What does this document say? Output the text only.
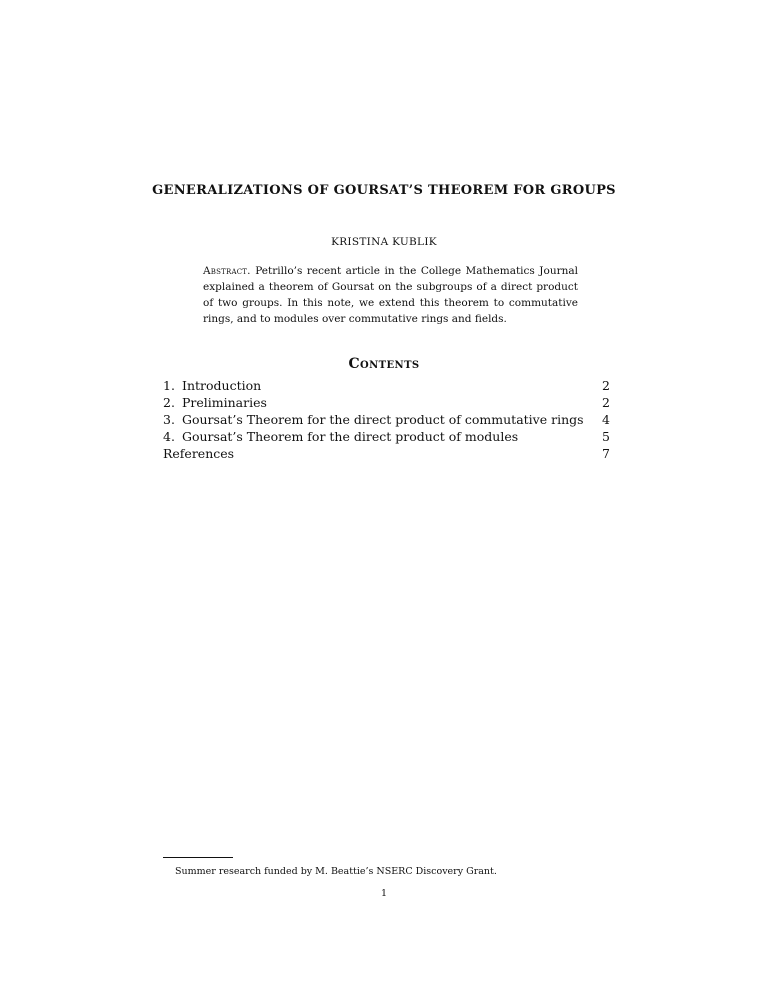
GENERALIZATIONS OF GOURSAT’S THEOREM FOR GROUPS

KRISTINA KUBLIK

Abstract. Petrillo’s recent article in the College Mathematics Journal explained a theorem of Goursat on the subgroups of a direct product of two groups. In this note, we extend this theorem to commutative rings, and to modules over commutative rings and fields.

Contents
1. Introduction	2
2. Preliminaries	2
3. Goursat’s Theorem for the direct product of commutative rings	4
4. Goursat’s Theorem for the direct product of modules	5
References	7

Summer research funded by M. Beattie’s NSERC Discovery Grant.

1
